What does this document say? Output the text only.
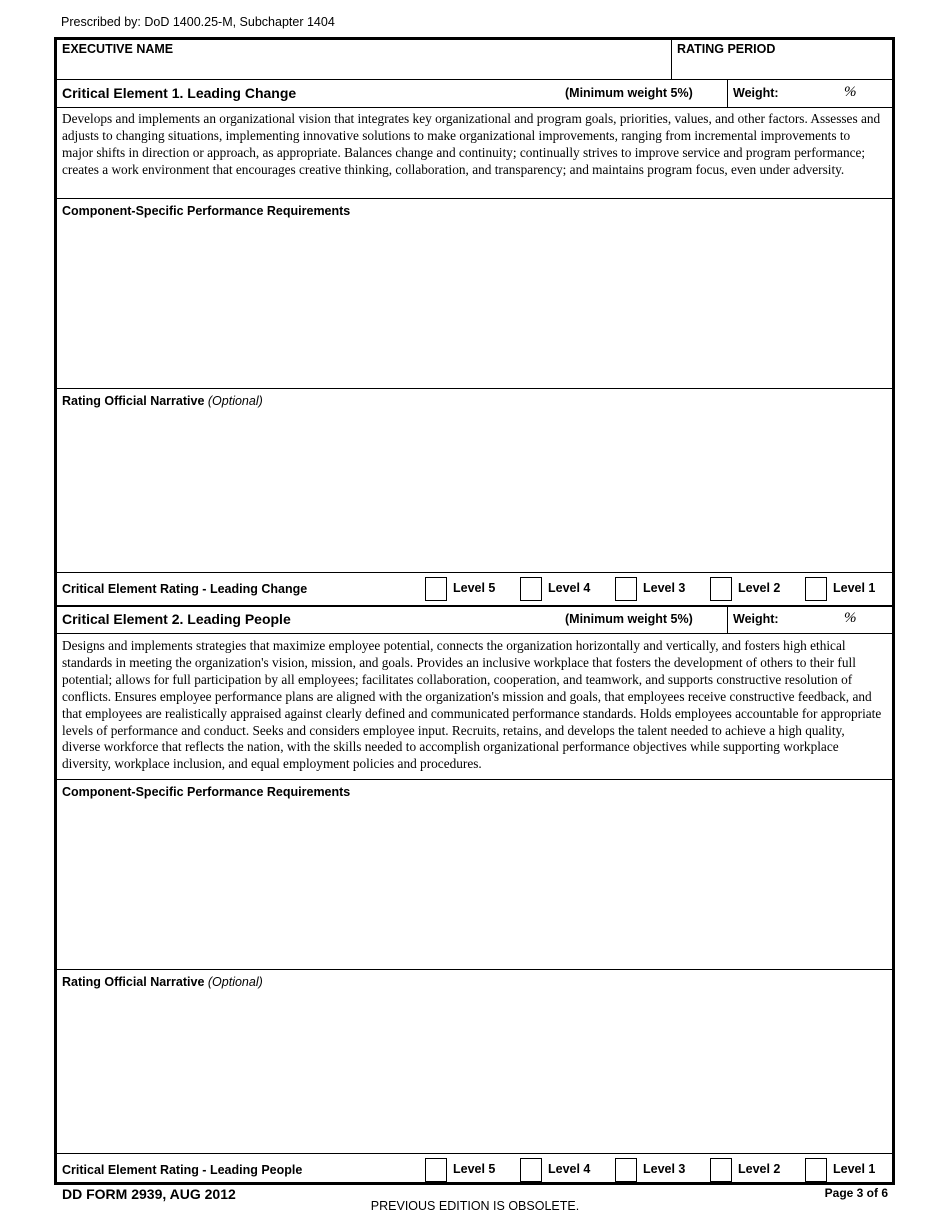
Prescribed by: DoD 1400.25-M, Subchapter 1404
EXECUTIVE NAME	RATING PERIOD
Critical Element 1. Leading Change	(Minimum weight 5%)	Weight:	%
Develops and implements an organizational vision that integrates key organizational and program goals, priorities, values, and other factors. Assesses and adjusts to changing situations, implementing innovative solutions to make organizational improvements, ranging from incremental improvements to major shifts in direction or approach, as appropriate. Balances change and continuity; continually strives to improve service and program performance; creates a work environment that encourages creative thinking, collaboration, and transparency; and maintains program focus, even under adversity.
Component-Specific Performance Requirements
Rating Official Narrative (Optional)
Critical Element Rating - Leading Change	Level 5	Level 4	Level 3	Level 2	Level 1
Critical Element 2. Leading People	(Minimum weight 5%)	Weight:	%
Designs and implements strategies that maximize employee potential, connects the organization horizontally and vertically, and fosters high ethical standards in meeting the organization's vision, mission, and goals. Provides an inclusive workplace that fosters the development of others to their full potential; allows for full participation by all employees; facilitates collaboration, cooperation, and teamwork, and supports constructive resolution of conflicts. Ensures employee performance plans are aligned with the organization's mission and goals, that employees receive constructive feedback, and that employees are realistically appraised against clearly defined and communicated performance standards. Holds employees accountable for appropriate levels of performance and conduct. Seeks and considers employee input. Recruits, retains, and develops the talent needed to achieve a high quality, diverse workforce that reflects the nation, with the skills needed to accomplish organizational performance objectives while supporting workplace diversity, workplace inclusion, and equal employment policies and procedures.
Component-Specific Performance Requirements
Rating Official Narrative (Optional)
Critical Element Rating - Leading People	Level 5	Level 4	Level 3	Level 2	Level 1
DD FORM 2939, AUG 2012
PREVIOUS EDITION IS OBSOLETE.
Page 3 of 6
